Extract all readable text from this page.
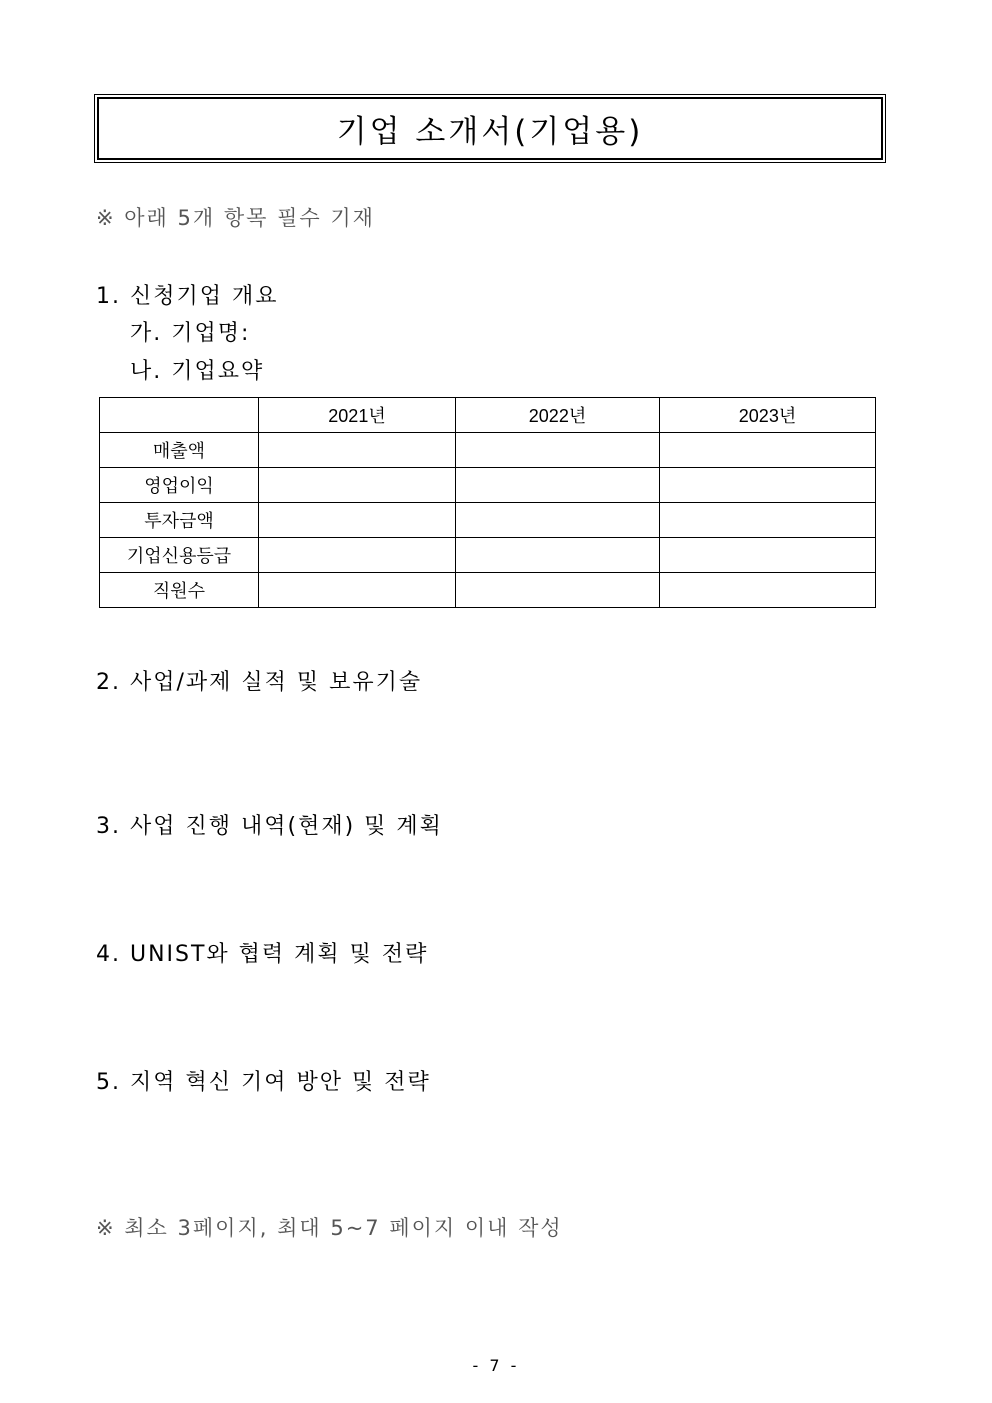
기업 소개서(기업용)
※ 아래 5개 항목 필수 기재
1. 신청기업 개요
가. 기업명:
나. 기업요약
	2021년	2022년	2023년
매출액			
영업이익			
투자금액			
기업신용등급			
직원수			
2. 사업/과제 실적 및 보유기술
3. 사업 진행 내역(현재) 및 계획
4. UNIST와 협력 계획 및 전략
5. 지역 혁신 기여 방안 및 전략
※ 최소 3페이지, 최대 5~7 페이지 이내 작성
- 7 -
